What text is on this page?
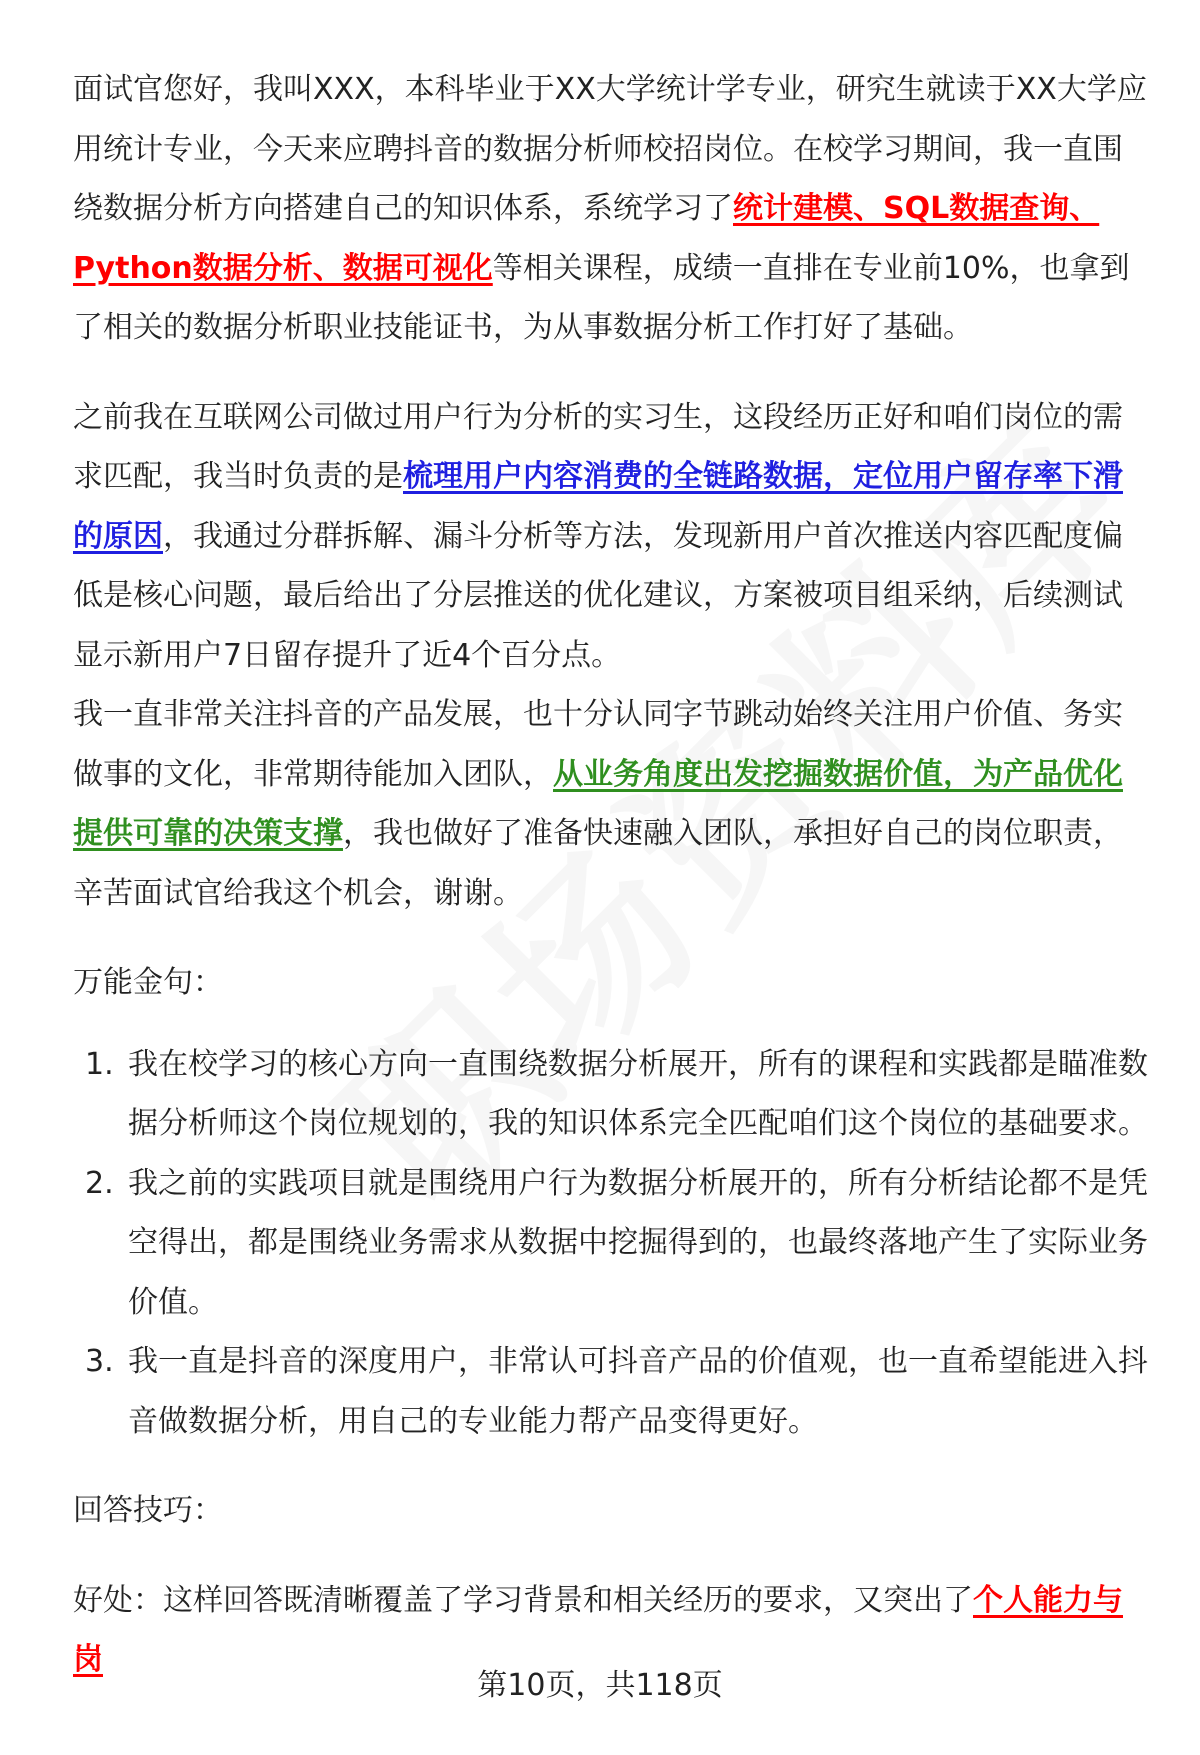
面试官您好，我叫XXX，本科毕业于XX大学统计学专业，研究生就读于XX大学应用统计专业，今天来应聘抖音的数据分析师校招岗位。在校学习期间，我一直围绕数据分析方向搭建自己的知识体系，系统学习了统计建模、SQL数据查询、Python数据分析、数据可视化等相关课程，成绩一直排在专业前10%，也拿到了相关的数据分析职业技能证书，为从事数据分析工作打好了基础。

之前我在互联网公司做过用户行为分析的实习生，这段经历正好和咱们岗位的需求匹配，我当时负责的是梳理用户内容消费的全链路数据，定位用户留存率下滑的原因，我通过分群拆解、漏斗分析等方法，发现新用户首次推送内容匹配度偏低是核心问题，最后给出了分层推送的优化建议，方案被项目组采纳，后续测试显示新用户7日留存提升了近4个百分点。

我一直非常关注抖音的产品发展，也十分认同字节跳动始终关注用户价值、务实做事的文化，非常期待能加入团队，从业务角度出发挖掘数据价值，为产品优化提供可靠的决策支撑，我也做好了准备快速融入团队，承担好自己的岗位职责，辛苦面试官给我这个机会，谢谢。

万能金句：

1. 我在校学习的核心方向一直围绕数据分析展开，所有的课程和实践都是瞄准数据分析师这个岗位规划的，我的知识体系完全匹配咱们这个岗位的基础要求。
2. 我之前的实践项目就是围绕用户行为数据分析展开的，所有分析结论都不是凭空得出，都是围绕业务需求从数据中挖掘得到的，也最终落地产生了实际业务价值。
3. 我一直是抖音的深度用户，非常认可抖音产品的价值观，也一直希望能进入抖音做数据分析，用自己的专业能力帮产品变得更好。

回答技巧：

好处：这样回答既清晰覆盖了学习背景和相关经历的要求，又突出了个人能力与岗

第10页，共118页
